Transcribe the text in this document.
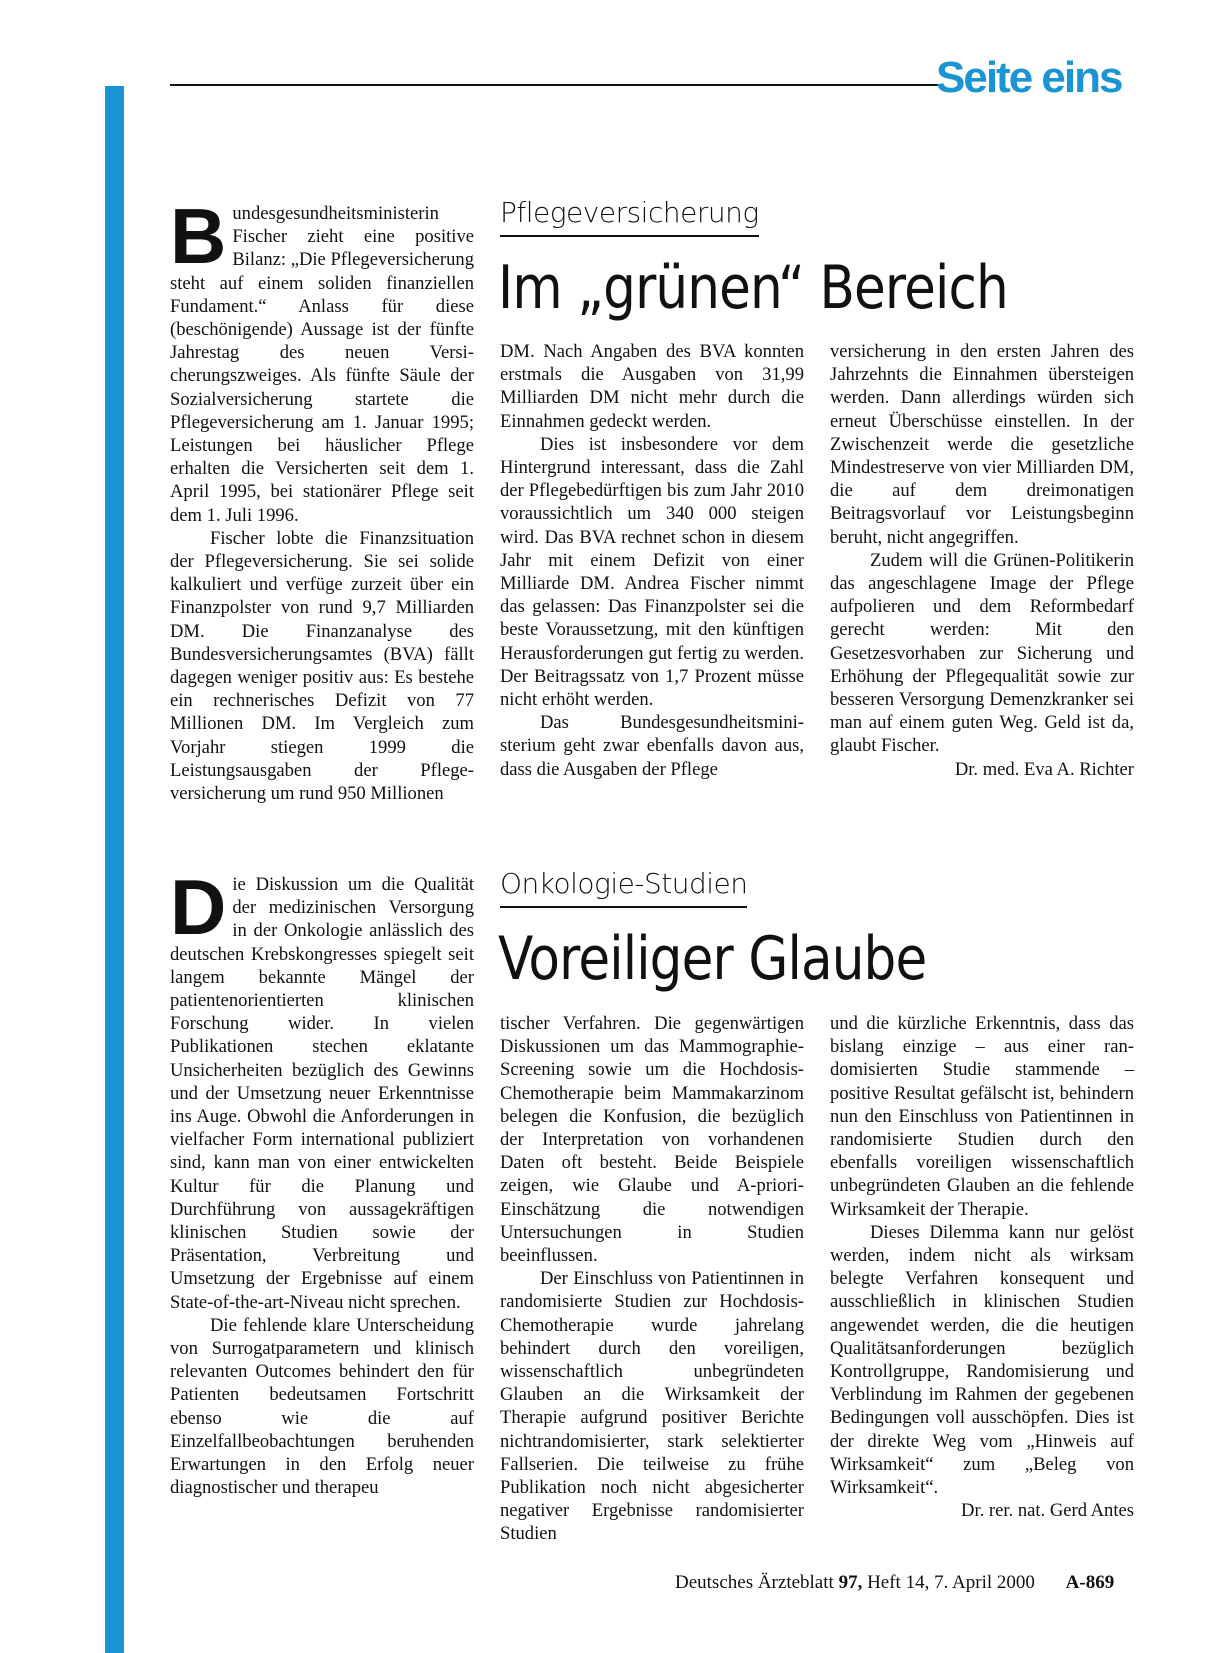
Seite eins
B undesgesundheitsministerin Fischer zieht eine positive Bilanz: „Die Pflegeversicherung steht auf einem soliden finanziellen Fundament.“ Anlass für diese (beschönigende) Aussage ist der fünfte Jahrestag des neuen Versicherungszweiges. Als fünfte Säule der Sozialversicherung startete die Pflegeversicherung am 1. Januar 1995; Leistungen bei häuslicher Pflege erhalten die Versicherten seit dem 1. April 1995, bei stationärer Pflege seit dem 1. Juli 1996.

Fischer lobte die Finanzsituation der Pflegeversicherung. Sie sei solide kalkuliert und verfüge zurzeit über ein Finanzpolster von rund 9,7 Milliarden DM. Die Finanzanalyse des Bundesversicherungsamtes (BVA) fällt dagegen weniger positiv aus: Es bestehe ein rechnerisches Defizit von 77 Millionen DM. Im Vergleich zum Vorjahr stiegen 1999 die Leistungsausgaben der Pflegeversicherung um rund 950 Millionen

Pflegeversicherung
Im „grünen“ Bereich

DM. Nach Angaben des BVA konnten erstmals die Ausgaben von 31,99 Milliarden DM nicht mehr durch die Einnahmen gedeckt werden.

Dies ist insbesondere vor dem Hintergrund interessant, dass die Zahl der Pflegebedürftigen bis zum Jahr 2010 voraussichtlich um 340 000 steigen wird. Das BVA rechnet schon in diesem Jahr mit einem Defizit von einer Milliarde DM. Andrea Fischer nimmt das gelassen: Das Finanzpolster sei die beste Voraussetzung, mit den künftigen Herausforderungen gut fertig zu werden. Der Beitragssatz von 1,7 Prozent müsse nicht erhöht werden.

Das Bundesgesundheitsministerium geht zwar ebenfalls davon aus, dass die Ausgaben der Pflege

versicherung in den ersten Jahren des Jahrzehnts die Einnahmen übersteigen werden. Dann allerdings würden sich erneut Überschüsse einstellen. In der Zwischenzeit werde die gesetzliche Mindestreserve von vier Milliarden DM, die auf dem dreimonatigen Beitragsvorlauf vor Leistungsbeginn beruht, nicht angegriffen.

Zudem will die Grünen-Politikerin das angeschlagene Image der Pflege aufpolieren und dem Reformbedarf gerecht werden: Mit den Gesetzesvorhaben zur Sicherung und Erhöhung der Pflegequalität sowie zur besseren Versorgung Demenzkranker sei man auf einem guten Weg. Geld ist da, glaubt Fischer.
Dr. med. Eva A. Richter

D ie Diskussion um die Qualität der medizinischen Versorgung in der Onkologie anlässlich des deutschen Krebskongresses spiegelt seit langem bekannte Mängel der patientenorientierten klinischen Forschung wider. In vielen Publikationen stechen eklatante Unsicherheiten bezüglich des Gewinns und der Umsetzung neuer Erkenntnisse ins Auge. Obwohl die Anforderungen in vielfacher Form international publiziert sind, kann man von einer entwickelten Kultur für die Planung und Durchführung von aussagekräftigen klinischen Studien sowie der Präsentation, Verbreitung und Umsetzung der Ergebnisse auf einem State-of-the-art-Niveau nicht sprechen.

Die fehlende klare Unterscheidung von Surrogatparametern und klinisch relevanten Outcomes behindert den für Patienten bedeutsamen Fortschritt ebenso wie die auf Einzelfallbeobachtungen beruhenden Erwartungen in den Erfolg neuer diagnostischer und therapeu

Onkologie-Studien
Voreiliger Glaube

tischer Verfahren. Die gegenwärtigen Diskussionen um das Mammographie-Screening sowie um die Hochdosis-Chemotherapie beim Mammakarzinom belegen die Konfusion, die bezüglich der Interpretation von vorhandenen Daten oft besteht. Beide Beispiele zeigen, wie Glaube und A-priori-Einschätzung die notwendigen Untersuchungen in Studien beeinflussen.

Der Einschluss von Patientinnen in randomisierte Studien zur Hochdosis-Chemotherapie wurde jahrelang behindert durch den voreiligen, wissenschaftlich unbegründeten Glauben an die Wirksamkeit der Therapie aufgrund positiver Berichte nichtrandomisierter, stark selektierter Fallserien. Die teilweise zu frühe Publikation noch nicht abgesicherter negativer Ergebnisse randomisierter Studien

und die kürzliche Erkenntnis, dass das bislang einzige – aus einer randomisierten Studie stammende – positive Resultat gefälscht ist, behindern nun den Einschluss von Patientinnen in randomisierte Studien durch den ebenfalls voreiligen wissenschaftlich unbegründeten Glauben an die fehlende Wirksamkeit der Therapie.

Dieses Dilemma kann nur gelöst werden, indem nicht als wirksam belegte Verfahren konsequent und ausschließlich in klinischen Studien angewendet werden, die die heutigen Qualitätsanforderungen bezüglich Kontrollgruppe, Randomisierung und Verblindung im Rahmen der gegebenen Bedingungen voll ausschöpfen. Dies ist der direkte Weg vom „Hinweis auf Wirksamkeit“ zum „Beleg von Wirksamkeit“.
Dr. rer. nat. Gerd Antes

Deutsches Ärzteblatt 97, Heft 14, 7. April 2000 A-869
